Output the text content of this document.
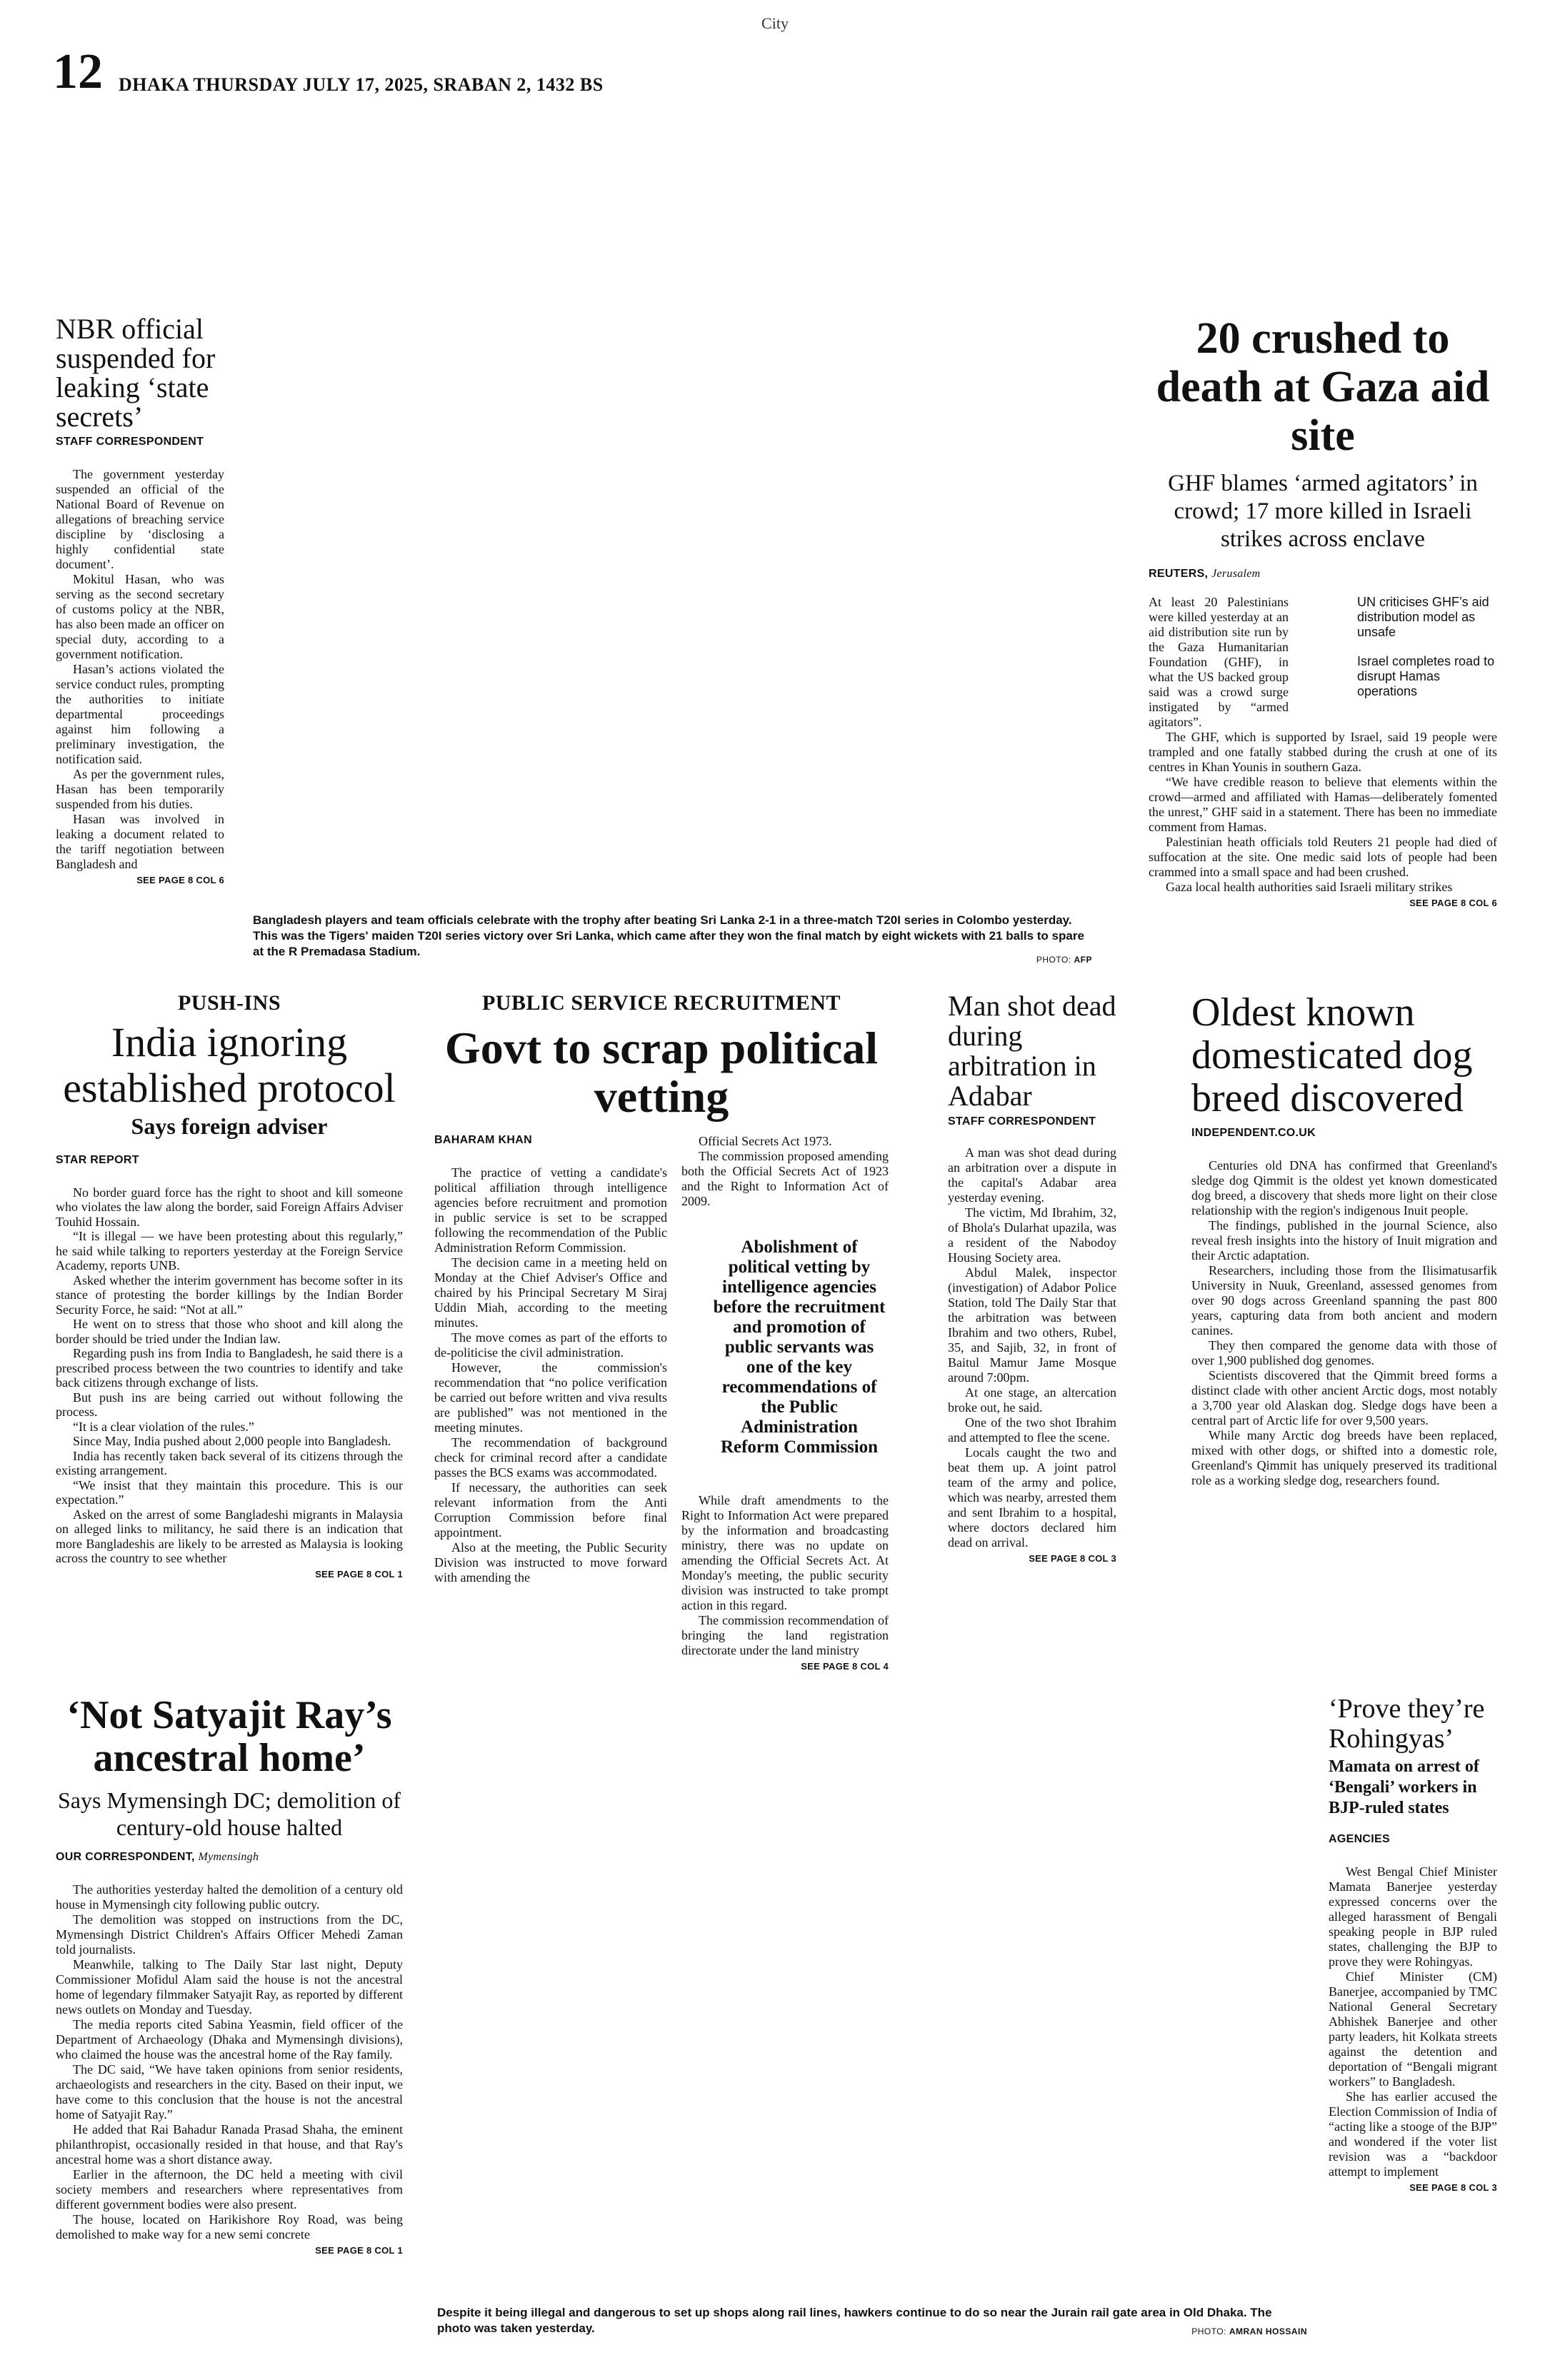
City
12 DHAKA THURSDAY JULY 17, 2025, SRABAN 2, 1432 BS
NBR official suspended for leaking ‘state secrets’
STAFF CORRESPONDENT

The government yesterday suspended an official of the National Board of Revenue on allegations of breaching service discipline by ‘disclosing a highly confidential state document’.

Mokitul Hasan, who was serving as the second secretary of customs policy at the NBR, has also been made an officer on special duty, according to a government notification.

Hasan’s actions violated the service conduct rules, prompting the authorities to initiate departmental proceedings against him following a preliminary investigation, the notification said.

As per the government rules, Hasan has been temporarily suspended from his duties.

Hasan was involved in leaking a document related to the tariff negotiation between Bangladesh and

SEE PAGE 8 COL 6
Bangladesh players and team officials celebrate with the trophy after beating Sri Lanka 2-1 in a three-match T20I series in Colombo yesterday. This was the Tigers' maiden T20I series victory over Sri Lanka, which came after they won the final match by eight wickets with 21 balls to spare at the R Premadasa Stadium.
PHOTO: AFP
20 crushed to death at Gaza aid site
GHF blames ‘armed agitators’ in crowd; 17 more killed in Israeli strikes across enclave
REUTERS, Jerusalem
UN criticises GHF’s aid distribution model as unsafe
Israel completes road to disrupt Hamas operations

At least 20 Palestinians were killed yesterday at an aid distribution site run by the Gaza Humanitarian Foundation (GHF), in what the US backed group said was a crowd surge instigated by “armed agitators”.

The GHF, which is supported by Israel, said 19 people were trampled and one fatally stabbed during the crush at one of its centres in Khan Younis in southern Gaza.

“We have credible reason to believe that elements within the crowd—armed and affiliated with Hamas—deliberately fomented the unrest,” GHF said in a statement. There has been no immediate comment from Hamas.

Palestinian heath officials told Reuters 21 people had died of suffocation at the site. One medic said lots of people had been crammed into a small space and had been crushed.

Gaza local health authorities said Israeli military strikes

SEE PAGE 8 COL 6
PUSH-INS
India ignoring established protocol
Says foreign adviser
STAR REPORT

No border guard force has the right to shoot and kill someone who violates the law along the border, said Foreign Affairs Adviser Touhid Hossain.

“It is illegal — we have been protesting about this regularly,” he said while talking to reporters yesterday at the Foreign Service Academy, reports UNB.

Asked whether the interim government has become softer in its stance of protesting the border killings by the Indian Border Security Force, he said: “Not at all.”

He went on to stress that those who shoot and kill along the border should be tried under the Indian law.

Regarding push ins from India to Bangladesh, he said there is a prescribed process between the two countries to identify and take back citizens through exchange of lists.

But push ins are being carried out without following the process.

“It is a clear violation of the rules.”

Since May, India pushed about 2,000 people into Bangladesh.

India has recently taken back several of its citizens through the existing arrangement.

“We insist that they maintain this procedure. This is our expectation.”

Asked on the arrest of some Bangladeshi migrants in Malaysia on alleged links to militancy, he said there is an indication that more Bangladeshis are likely to be arrested as Malaysia is looking across the country to see whether

SEE PAGE 8 COL 1
PUBLIC SERVICE RECRUITMENT
Govt to scrap political vetting
BAHARAM KHAN

The practice of vetting a candidate's political affiliation through intelligence agencies before recruitment and promotion in public service is set to be scrapped following the recommendation of the Public Administration Reform Commission.

The decision came in a meeting held on Monday at the Chief Adviser's Office and chaired by his Principal Secretary M Siraj Uddin Miah, according to the meeting minutes.

The move comes as part of the efforts to de-politicise the civil administration.

However, the commission's recommendation that “no police verification be carried out before written and viva results are published” was not mentioned in the meeting minutes.

The recommendation of background check for criminal record after a candidate passes the BCS exams was accommodated.

If necessary, the authorities can seek relevant information from the Anti Corruption Commission before final appointment.

Also at the meeting, the Public Security Division was instructed to move forward with amending the

Official Secrets Act 1973.

The commission proposed amending both the Official Secrets Act of 1923 and the Right to Information Act of 2009.

Abolishment of political vetting by intelligence agencies before the recruitment and promotion of public servants was one of the key recommendations of the Public Administration Reform Commission

While draft amendments to the Right to Information Act were prepared by the information and broadcasting ministry, there was no update on amending the Official Secrets Act. At Monday's meeting, the public security division was instructed to take prompt action in this regard.

The commission recommendation of bringing the land registration directorate under the land ministry

SEE PAGE 8 COL 4
Man shot dead during arbitration in Adabar
STAFF CORRESPONDENT

A man was shot dead during an arbitration over a dispute in the capital's Adabar area yesterday evening.

The victim, Md Ibrahim, 32, of Bhola's Dularhat upazila, was a resident of the Nabodoy Housing Society area.

Abdul Malek, inspector (investigation) of Adabor Police Station, told The Daily Star that the arbitration was between Ibrahim and two others, Rubel, 35, and Sajib, 32, in front of Baitul Mamur Jame Mosque around 7:00pm.

At one stage, an altercation broke out, he said.

One of the two shot Ibrahim and attempted to flee the scene.

Locals caught the two and beat them up. A joint patrol team of the army and police, which was nearby, arrested them and sent Ibrahim to a hospital, where doctors declared him dead on arrival.

SEE PAGE 8 COL 3
Oldest known domesticated dog breed discovered
INDEPENDENT.CO.UK

Centuries old DNA has confirmed that Greenland's sledge dog Qimmit is the oldest yet known domesticated dog breed, a discovery that sheds more light on their close relationship with the region's indigenous Inuit people.

The findings, published in the journal Science, also reveal fresh insights into the history of Inuit migration and their Arctic adaptation.

Researchers, including those from the Ilisimatusarfik University in Nuuk, Greenland, assessed genomes from over 90 dogs across Greenland spanning the past 800 years, capturing data from both ancient and modern canines.

They then compared the genome data with those of over 1,900 published dog genomes.

Scientists discovered that the Qimmit breed forms a distinct clade with other ancient Arctic dogs, most notably a 3,700 year old Alaskan dog. Sledge dogs have been a central part of Arctic life for over 9,500 years.

While many Arctic dog breeds have been replaced, mixed with other dogs, or shifted into a domestic role, Greenland's Qimmit has uniquely preserved its traditional role as a working sledge dog, researchers found.

‘Not Satyajit Ray’s ancestral home’
Says Mymensingh DC; demolition of century-old house halted
OUR CORRESPONDENT, Mymensingh

The authorities yesterday halted the demolition of a century old house in Mymensingh city following public outcry.

The demolition was stopped on instructions from the DC, Mymensingh District Children's Affairs Officer Mehedi Zaman told journalists.

Meanwhile, talking to The Daily Star last night, Deputy Commissioner Mofidul Alam said the house is not the ancestral home of legendary filmmaker Satyajit Ray, as reported by different news outlets on Monday and Tuesday.

The media reports cited Sabina Yeasmin, field officer of the Department of Archaeology (Dhaka and Mymensingh divisions), who claimed the house was the ancestral home of the Ray family.

The DC said, “We have taken opinions from senior residents, archaeologists and researchers in the city. Based on their input, we have come to this conclusion that the house is not the ancestral home of Satyajit Ray.”

He added that Rai Bahadur Ranada Prasad Shaha, the eminent philanthropist, occasionally resided in that house, and that Ray's ancestral home was a short distance away.

Earlier in the afternoon, the DC held a meeting with civil society members and researchers where representatives from different government bodies were also present.

The house, located on Harikishore Roy Road, was being demolished to make way for a new semi concrete

SEE PAGE 8 COL 1
Despite it being illegal and dangerous to set up shops along rail lines, hawkers continue to do so near the Jurain rail gate area in Old Dhaka. The photo was taken yesterday.	PHOTO: AMRAN HOSSAIN
‘Prove they’re Rohingyas’
Mamata on arrest of ‘Bengali’ workers in BJP-ruled states
AGENCIES

West Bengal Chief Minister Mamata Banerjee yesterday expressed concerns over the alleged harassment of Bengali speaking people in BJP ruled states, challenging the BJP to prove they were Rohingyas.

Chief Minister (CM) Banerjee, accompanied by TMC National General Secretary Abhishek Banerjee and other party leaders, hit Kolkata streets against the detention and deportation of “Bengali migrant workers” to Bangladesh.

She has earlier accused the Election Commission of India of “acting like a stooge of the BJP” and wondered if the voter list revision was a “backdoor attempt to implement

SEE PAGE 8 COL 3
